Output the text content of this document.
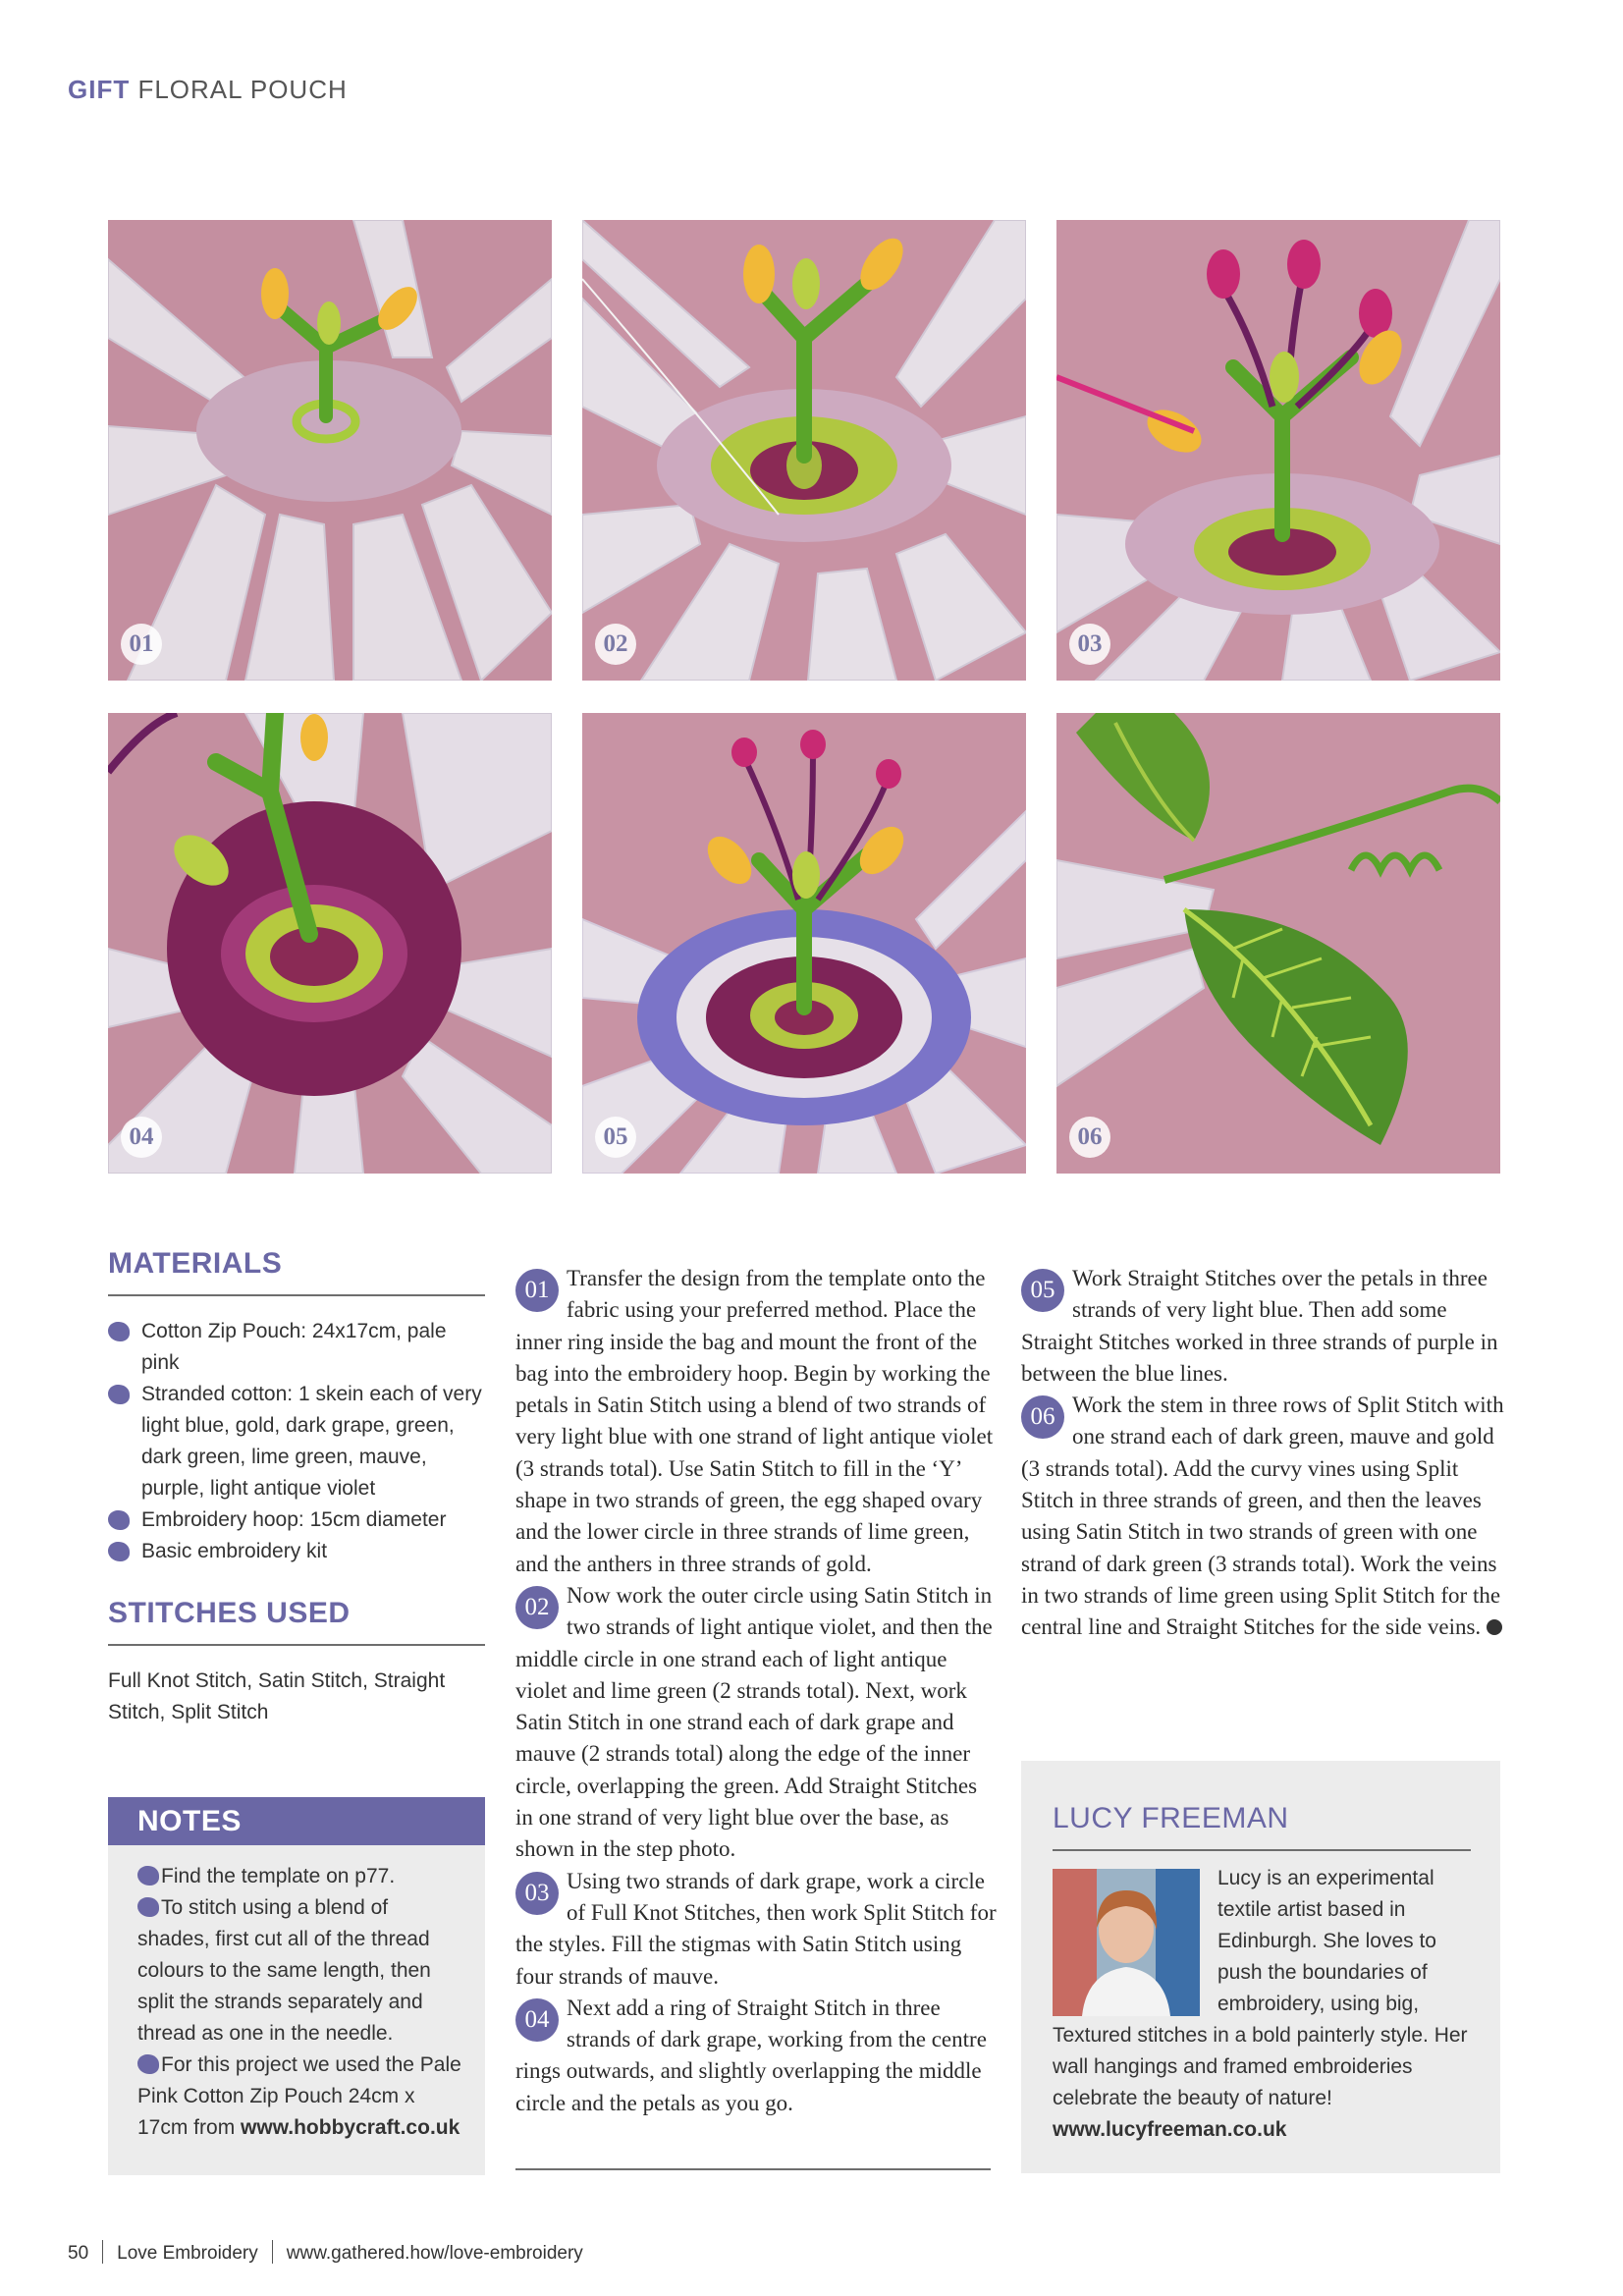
GIFT FLORAL POUCH
01	02	03
04	05	06
MATERIALS
Cotton Zip Pouch: 24x17cm, pale pink
Stranded cotton: 1 skein each of very light blue, gold, dark grape, green, dark green, lime green, mauve, purple, light antique violet
Embroidery hoop: 15cm diameter
Basic embroidery kit
STITCHES USED

Full Knot Stitch, Satin Stitch, Straight Stitch, Split Stitch

NOTES

Find the template on p77.

To stitch using a blend of shades, first cut all of the thread colours to the same length, then split the strands separately and thread as one in the needle.

For this project we used the Pale Pink Cotton Zip Pouch 24cm x 17cm from www.hobbycraft.co.uk

01 Transfer the design from the template onto the fabric using your preferred method. Place the inner ring inside the bag and mount the front of the bag into the embroidery hoop. Begin by working the petals in Satin Stitch using a blend of two strands of very light blue with one strand of light antique violet (3 strands total). Use Satin Stitch to fill in the ‘Y’ shape in two strands of green, the egg shaped ovary and the lower circle in three strands of lime green, and the anthers in three strands of gold.

02 Now work the outer circle using Satin Stitch in two strands of light antique violet, and then the middle circle in one strand each of light antique violet and lime green (2 strands total). Next, work Satin Stitch in one strand each of dark grape and mauve (2 strands total) along the edge of the inner circle, overlapping the green. Add Straight Stitches in one strand of very light blue over the base, as shown in the step photo.

03 Using two strands of dark grape, work a circle of Full Knot Stitches, then work Split Stitch for the styles. Fill the stigmas with Satin Stitch using four strands of mauve.

04 Next add a ring of Straight Stitch in three strands of dark grape, working from the centre rings outwards, and slightly overlapping the middle circle and the petals as you go.

05 Work Straight Stitches over the petals in three strands of very light blue. Then add some Straight Stitches worked in three strands of purple in between the blue lines.

06 Work the stem in three rows of Split Stitch with one strand each of dark green, mauve and gold (3 strands total). Add the curvy vines using Split Stitch in three strands of green, and then the leaves using Satin Stitch in two strands of green with one strand of dark green (3 strands total). Work the veins in two strands of lime green using Split Stitch for the central line and Straight Stitches for the side veins.

LUCY FREEMAN

Lucy is an experimental textile artist based in Edinburgh. She loves to push the boundaries of embroidery, using big, Textured stitches in a bold painterly style. Her wall hangings and framed embroideries celebrate the beauty of nature!

www.lucyfreeman.co.uk

50 Love Embroidery www.gathered.how/love-embroidery
